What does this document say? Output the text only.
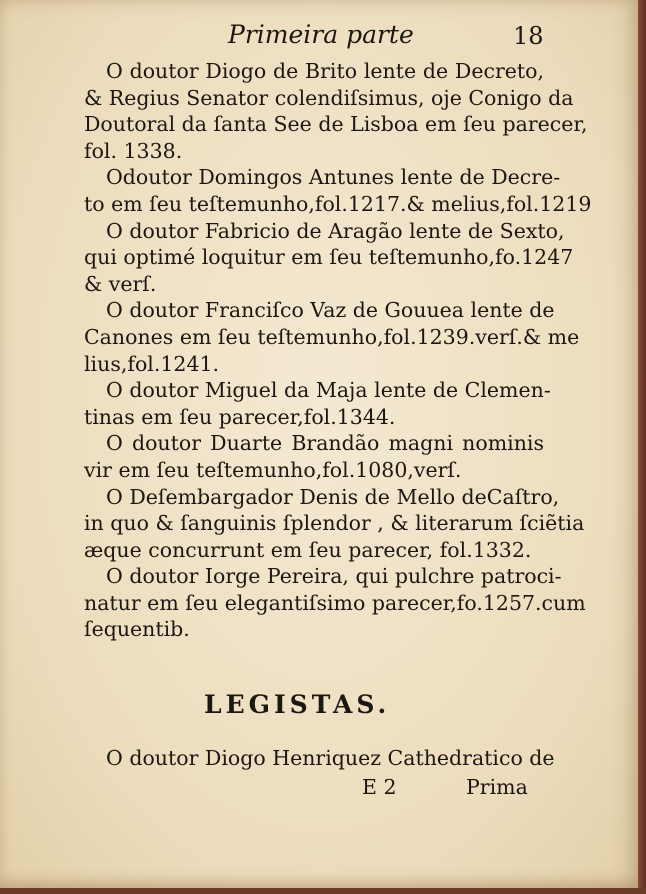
Primeira parte	18
O doutor Diogo de Brito lente de Decreto,
& Regius Senator colendiſsimus, oje Conigo da
Doutoral da ſanta See de Lisboa em ſeu parecer,
fol. 1338.
Odoutor Domingos Antunes lente de Decre-
to em ſeu teſtemunho,fol.1217.& melius,fol.1219
O doutor Fabricio de Aragão lente de Sexto,
qui optimé loquitur em ſeu teſtemunho,fo.1247
& verſ.
O doutor Franciſco Vaz de Gouuea lente de
Canones em ſeu teſtemunho,fol.1239.verſ.& me
lius,fol.1241.
O doutor Miguel da Maja lente de Clemen-
tinas em ſeu parecer,fol.1344.
O doutor Duarte Brandão magni nominis
vir em ſeu teſtemunho,fol.1080,verſ.
O Deſembargador Denis de Mello deCaſtro,
in quo & ſanguinis ſplendor , & literarum ſciẽtia
æque concurrunt em ſeu parecer, fol.1332.
O doutor Iorge Pereira, qui pulchre patroci-
natur em ſeu elegantiſsimo parecer,fo.1257.cum
ſequentib.
LEGISTAS.
O doutor Diogo Henriquez Cathedratico de
E 2	Prima
